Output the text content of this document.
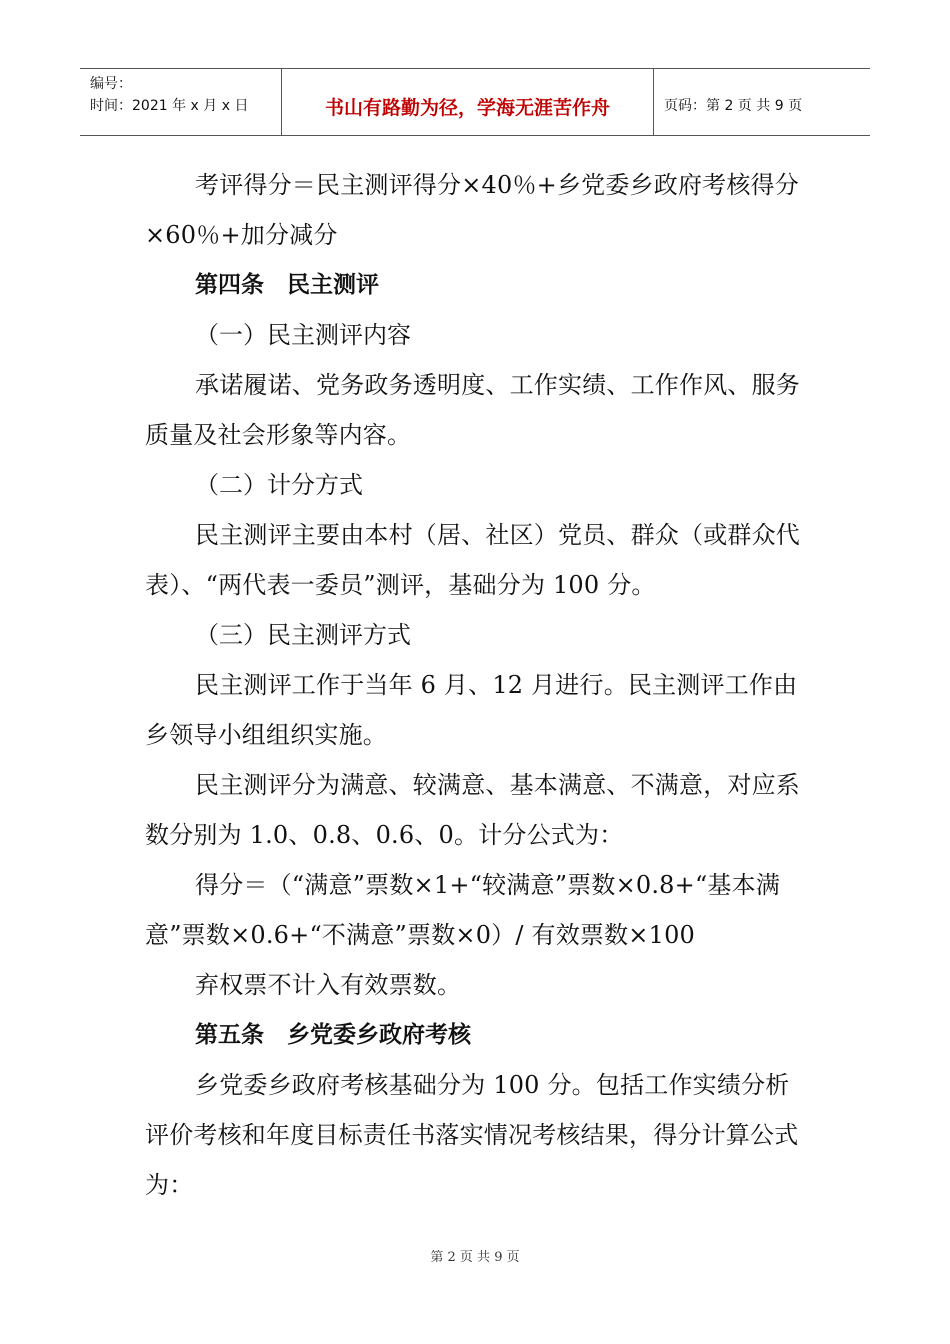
编号：
时间：2021 年 x 月 x 日	书山有路勤为径，学海无涯苦作舟	页码：第 2 页 共 9 页

考评得分＝民主测评得分×40％+乡党委乡政府考核得分×60％+加分减分

第四条　民主测评

（一）民主测评内容

承诺履诺、党务政务透明度、工作实绩、工作作风、服务质量及社会形象等内容。

（二）计分方式

民主测评主要由本村（居、社区）党员、群众（或群众代表）、“两代表一委员”测评，基础分为 100 分。

（三）民主测评方式

民主测评工作于当年 6 月、12 月进行。民主测评工作由乡领导小组组织实施。

民主测评分为满意、较满意、基本满意、不满意，对应系数分别为 1.0、0.8、0.6、0。计分公式为：

得分＝（“满意”票数×1+“较满意”票数×0.8+“基本满意”票数×0.6+“不满意”票数×0）/ 有效票数×100

弃权票不计入有效票数。

第五条　乡党委乡政府考核

乡党委乡政府考核基础分为 100 分。包括工作实绩分析评价考核和年度目标责任书落实情况考核结果，得分计算公式为：

第 2 页 共 9 页
